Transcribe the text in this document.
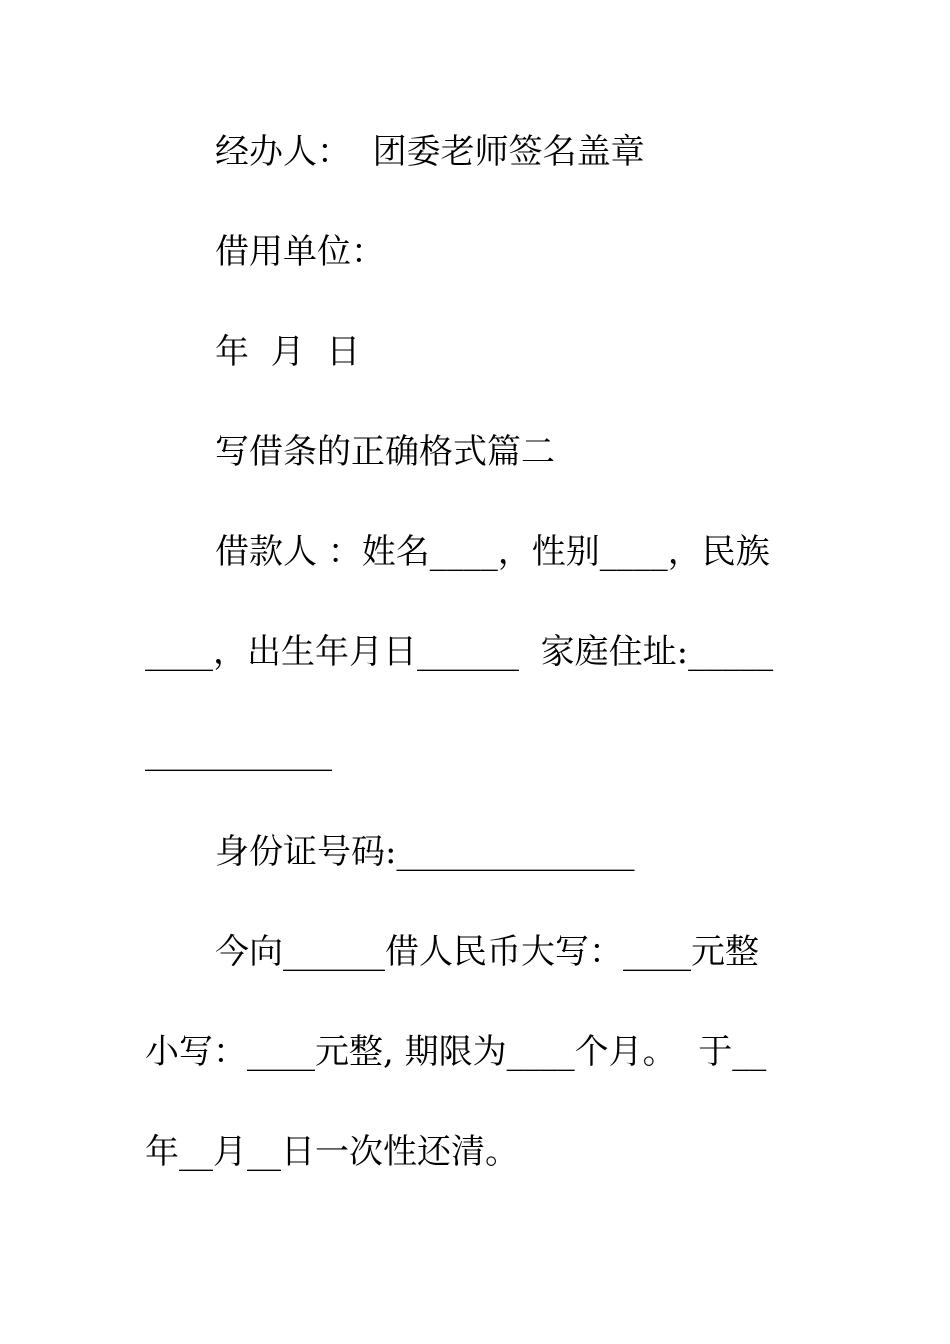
经办人：  团委老师签名盖章
借用单位：
年  月  日
写借条的正确格式篇二
借款人 ：姓名____，性别____，民族
____，出生年月日______  家庭住址:_____
___________
身份证号码:______________
今向______借人民币大写：____元整
小写：____元整, 期限为____个月。  于__
年__月__日一次性还清。
